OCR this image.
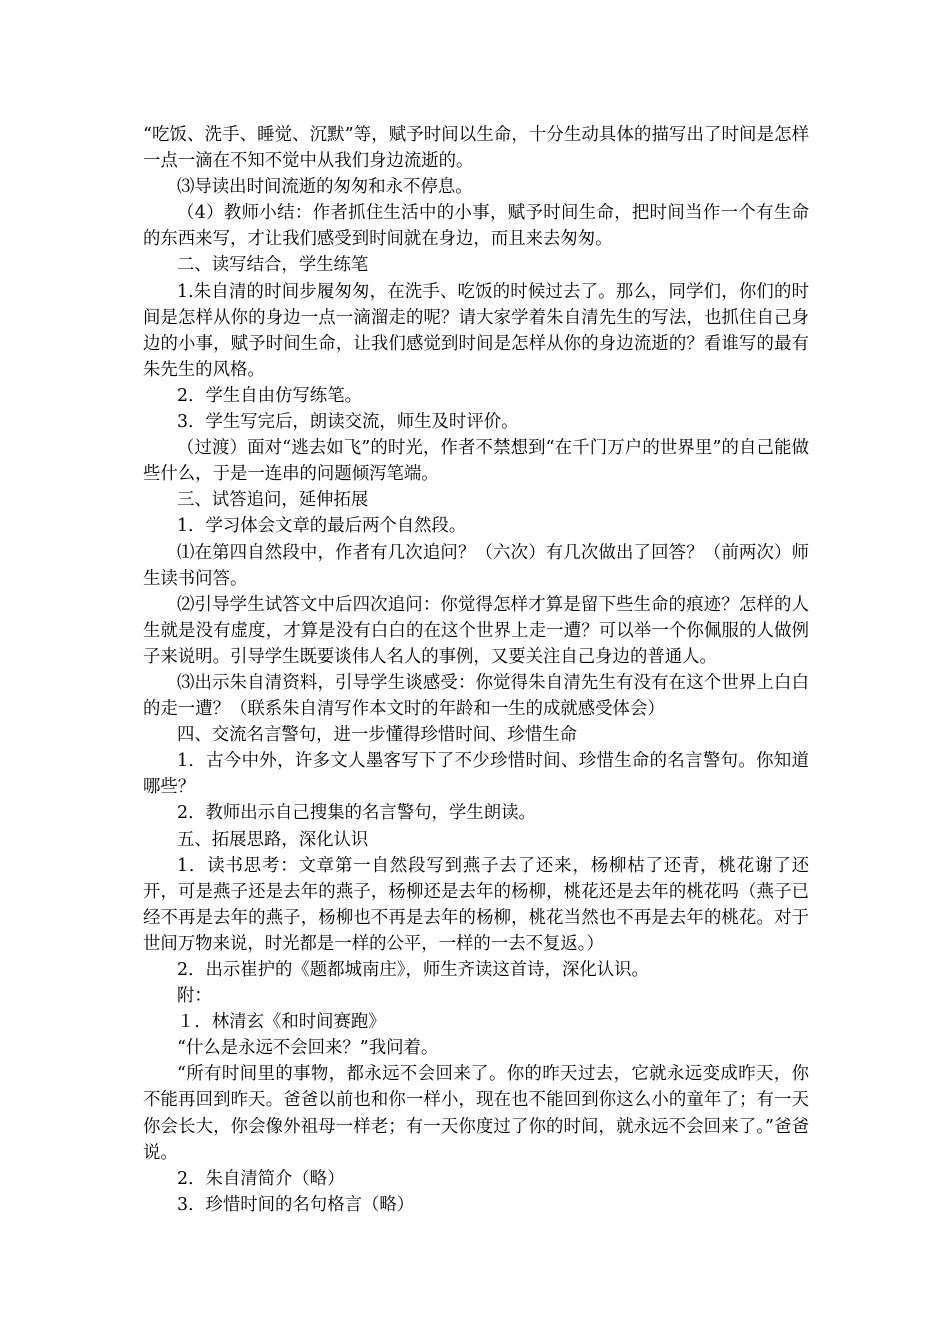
“吃饭、洗手、睡觉、沉默”等，赋予时间以生命，十分生动具体的描写出了时间是怎样一点一滴在不知不觉中从我们身边流逝的。

⑶导读出时间流逝的匆匆和永不停息。

（4）教师小结：作者抓住生活中的小事，赋予时间生命，把时间当作一个有生命的东西来写，才让我们感受到时间就在身边，而且来去匆匆。

二、读写结合，学生练笔

1.朱自清的时间步履匆匆，在洗手、吃饭的时候过去了。那么，同学们，你们的时间是怎样从你的身边一点一滴溜走的呢？请大家学着朱自清先生的写法，也抓住自己身边的小事，赋予时间生命，让我们感觉到时间是怎样从你的身边流逝的？看谁写的最有朱先生的风格。

2．学生自由仿写练笔。

3．学生写完后，朗读交流，师生及时评价。

（过渡）面对“逃去如飞”的时光，作者不禁想到“在千门万户的世界里”的自己能做些什么，于是一连串的问题倾泻笔端。

三、试答追问，延伸拓展

1．学习体会文章的最后两个自然段。

⑴在第四自然段中，作者有几次追问？（六次）有几次做出了回答？（前两次）师生读书问答。

⑵引导学生试答文中后四次追问：你觉得怎样才算是留下些生命的痕迹？怎样的人生就是没有虚度，才算是没有白白的在这个世界上走一遭？可以举一个你佩服的人做例子来说明。引导学生既要谈伟人名人的事例，又要关注自己身边的普通人。

⑶出示朱自清资料，引导学生谈感受：你觉得朱自清先生有没有在这个世界上白白的走一遭？（联系朱自清写作本文时的年龄和一生的成就感受体会）

四、交流名言警句，进一步懂得珍惜时间、珍惜生命

1．古今中外，许多文人墨客写下了不少珍惜时间、珍惜生命的名言警句。你知道哪些？

2．教师出示自己搜集的名言警句，学生朗读。

五、拓展思路，深化认识

1．读书思考：文章第一自然段写到燕子去了还来，杨柳枯了还青，桃花谢了还开，可是燕子还是去年的燕子，杨柳还是去年的杨柳，桃花还是去年的桃花吗（燕子已经不再是去年的燕子，杨柳也不再是去年的杨柳，桃花当然也不再是去年的桃花。对于世间万物来说，时光都是一样的公平，一样的一去不复返。）

2．出示崔护的《题都城南庄》，师生齐读这首诗，深化认识。

附：

１．林清玄《和时间赛跑》

“什么是永远不会回来？”我问着。

“所有时间里的事物，都永远不会回来了。你的昨天过去，它就永远变成昨天，你不能再回到昨天。爸爸以前也和你一样小，现在也不能回到你这么小的童年了；有一天你会长大，你会像外祖母一样老；有一天你度过了你的时间，就永远不会回来了。”爸爸说。

2．朱自清简介（略）

3．珍惜时间的名句格言（略）
